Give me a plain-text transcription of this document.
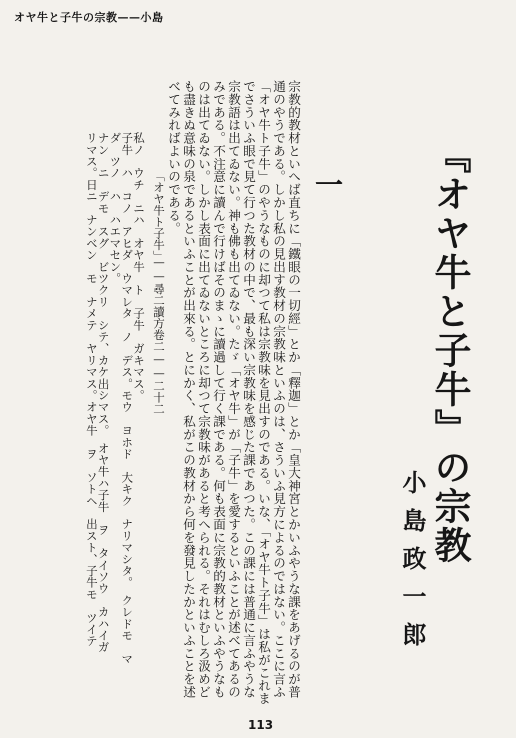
オヤ牛と子牛の宗教——小島
『オヤ牛と子牛』の宗教
小島政一郎
一

宗教的教材といへば直ちに「鐵眼の一切經」とか「釋迦」とか「皇大神宮とかいふやうな課をあげるのが普通のやうである。しかし私の見出す教材の宗教味といふのは、さういふ見方によるのではない。ここに言ふ「オヤ牛ト子牛」のやうなものに却つて私は宗教味を見出すのである。いな、「オヤ牛ト子牛」は私がこれまでさういふ眼で見て行つた教材の中で、最も深い宗教味を感じた課であつた。この課には普通に言ふやうな宗教語は出てゐない。神も佛も出てゐない。たゞ「オヤ牛」が「子牛」を愛するといふことが述べてあるのみである。不注意に讀んで行けばそのまゝに讀過して行く課である。何も表面に宗教的教材といふやうなものは出てゐない。しかし表面に出てゐないところに却つて宗教味があると考へられる。それはむしろ汲めども盡きぬ意味の泉であるといふことが出來る。とにかく、私がこの教材から何を發見したかといふことを述べてみればよいのである。

「オヤ牛ト子牛」
——尋二讀方卷二——二十二
私ノ　ウチ　ニハ　オヤ牛　ト　子牛　ガキマス。
子牛　ハ　コノ　アヒダ　ウマレタ　ノ　デス。モウ　ヨホド　大キク　ナリマシタ。　クレドモ　マ
ダ　ツノ　ハ　ハエマセン。
ナン　ニ　デモ　スグ　ビツクリ　シテ、カケ出シマス。　オヤ牛ハ子牛　ヲ　タイソウ　カハイガ
リマス。日ニ　ナンベン　モ　ナメテ　ヤリマス。オヤ牛　ヲ　ソトヘ　出スト、子牛モ　ツイテ
113
